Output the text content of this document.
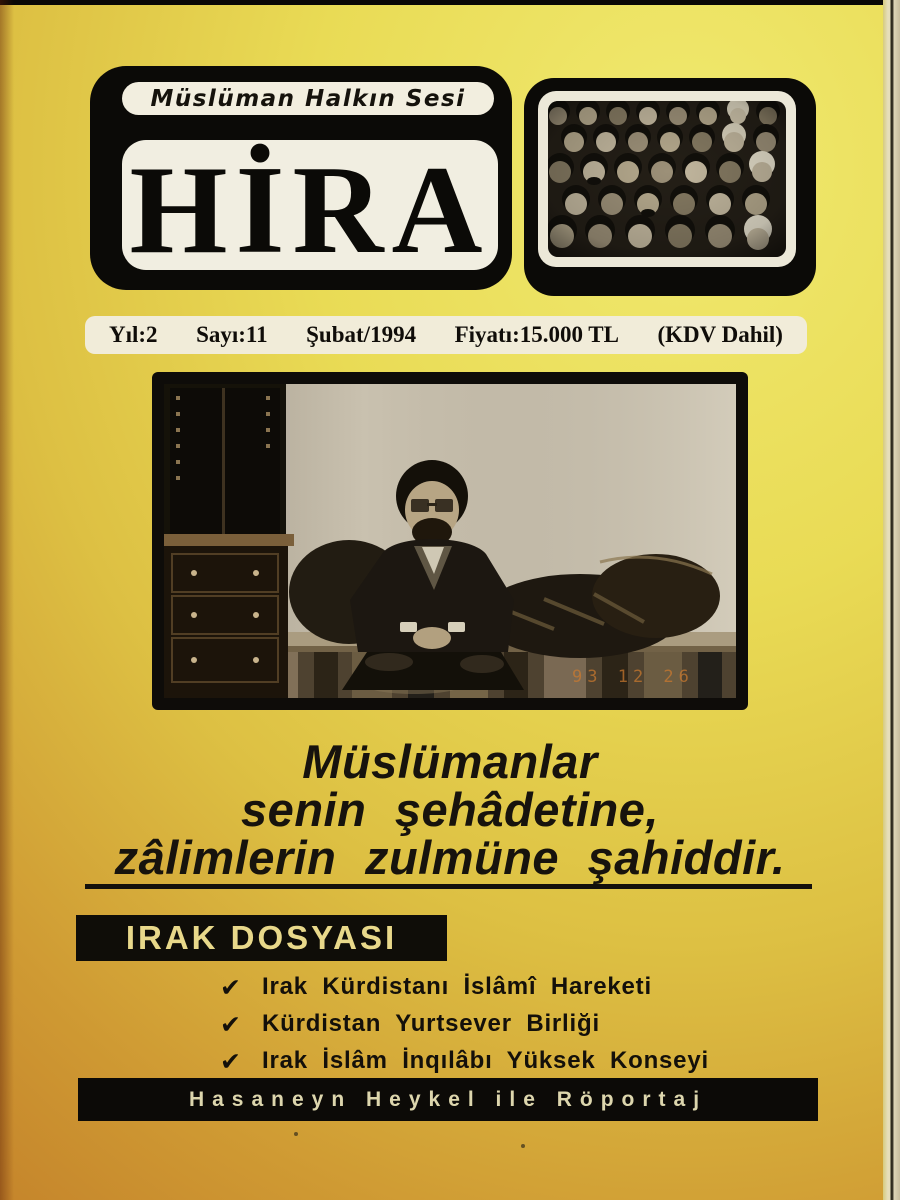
Müslüman Halkın Sesi
HİRA
Yıl:2 Sayı:11 Şubat/1994 Fiyatı:15.000 TL (KDV Dahil)
93 12 26
Müslümanlar
senin şehâdetine,
zâlimlerin zulmüne şahiddir.
IRAK DOSYASI
✔ Irak Kürdistanı İslâmî Hareketi
✔ Kürdistan Yurtsever Birliği
✔ Irak İslâm İnqılâbı Yüksek Konseyi
Hasaneyn Heykel ile Röportaj
